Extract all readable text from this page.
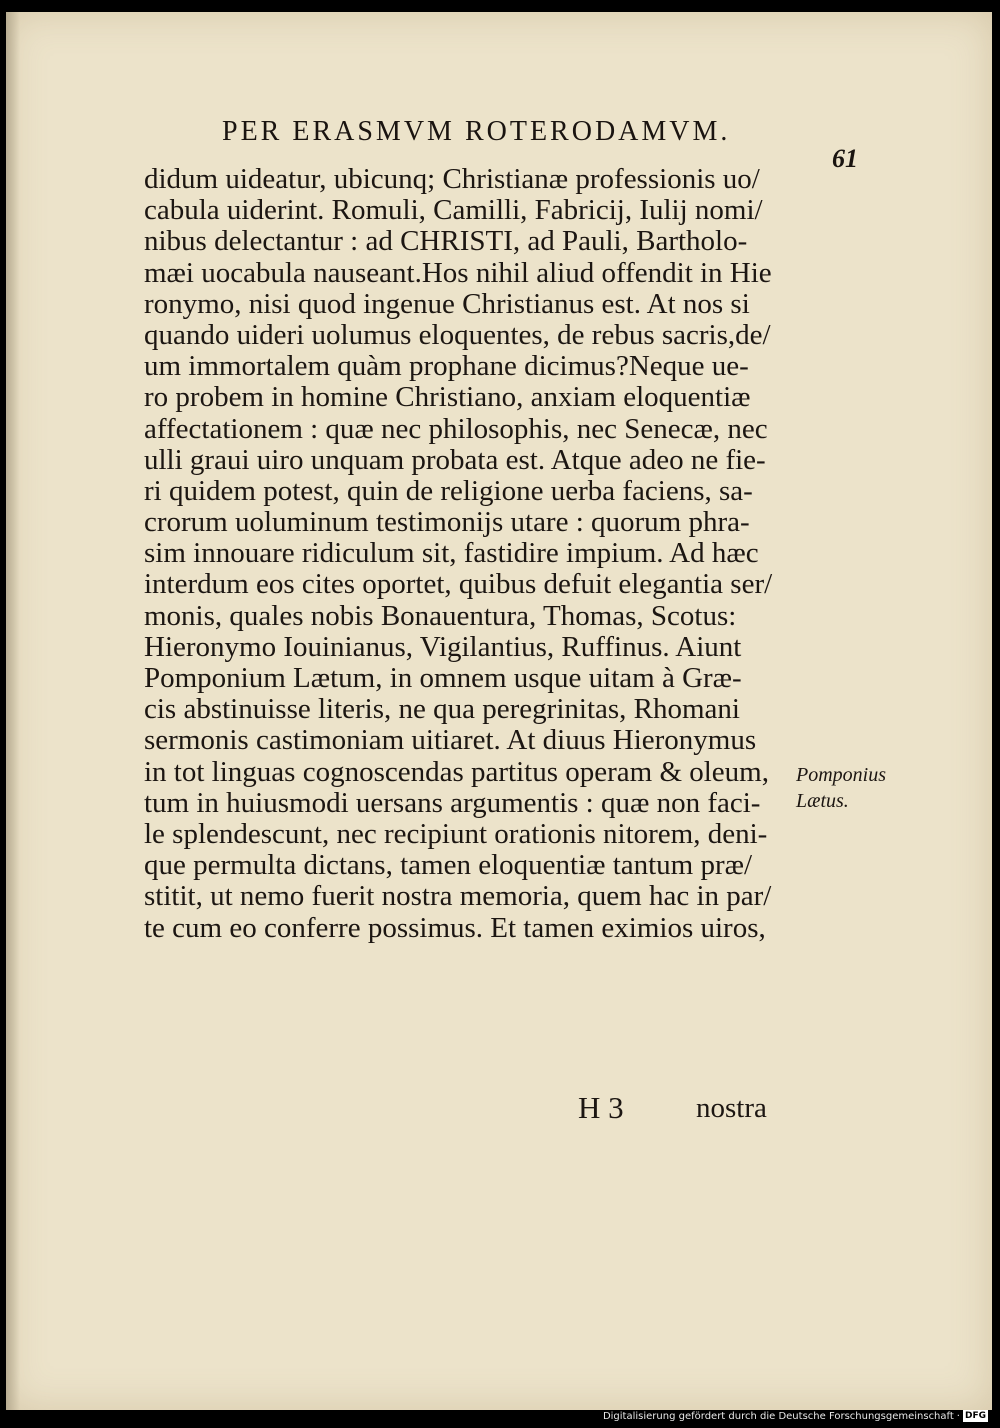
PER ERASMVM ROTERODAMVM.
61
didum uideatur, ubicunq; Christianæ professionis uo/
cabula uiderint. Romuli, Camilli, Fabricij, Iulij nomi/
nibus delectantur : ad CHRISTI, ad Pauli, Bartholo-
mæi uocabula nauseant.Hos nihil aliud offendit in Hie
ronymo, nisi quod ingenue Christianus est. At nos si
quando uideri uolumus eloquentes, de rebus sacris,de/
um immortalem quàm prophane dicimus?Neque ue-
ro probem in homine Christiano, anxiam eloquentiæ
affectationem : quæ nec philosophis, nec Senecæ, nec
ulli graui uiro unquam probata est. Atque adeo ne fie-
ri quidem potest, quin de religione uerba faciens, sa-
crorum uoluminum testimonijs utare : quorum phra-
sim innouare ridiculum sit, fastidire impium. Ad hæc
interdum eos cites oportet, quibus defuit elegantia ser/
monis, quales nobis Bonauentura, Thomas, Scotus:
Hieronymo Iouinianus, Vigilantius, Ruffinus. Aiunt
Pomponium Lætum, in omnem usque uitam à Græ-
cis abstinuisse literis, ne qua peregrinitas, Rhomani
sermonis castimoniam uitiaret. At diuus Hieronymus
in tot linguas cognoscendas partitus operam & oleum,
tum in huiusmodi uersans argumentis : quæ non faci-
le splendescunt, nec recipiunt orationis nitorem, deni-
que permulta dictans, tamen eloquentiæ tantum præ/
stitit, ut nemo fuerit nostra memoria, quem hac in par/
te cum eo conferre possimus. Et tamen eximios uiros,
Pomponius
Lætus.
H 3 nostra
Digitalisierung gefördert durch die Deutsche Forschungsgemeinschaft · DFG
